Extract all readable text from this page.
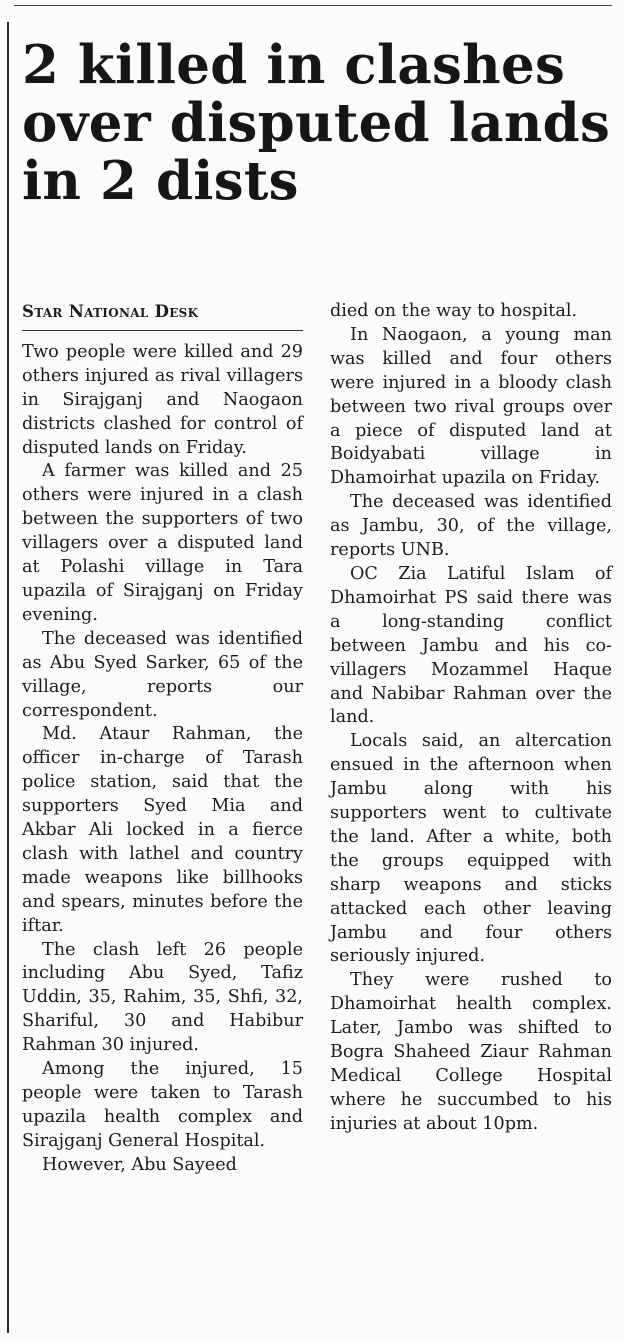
2 killed in clashes over disputed lands in 2 dists
Star National Desk

Two people were killed and 29 others injured as rival villagers in Sirajganj and Naogaon districts clashed for control of disputed lands on Friday.

A farmer was killed and 25 others were injured in a clash between the supporters of two villagers over a disputed land at Polashi village in Tara upazila of Sirajganj on Friday evening.

The deceased was identified as Abu Syed Sarker, 65 of the village, reports our correspondent.

Md. Ataur Rahman, the officer in-charge of Tarash police station, said that the supporters Syed Mia and Akbar Ali locked in a fierce clash with lathel and country made weapons like billhooks and spears, minutes before the iftar.

The clash left 26 people including Abu Syed, Tafiz Uddin, 35, Rahim, 35, Shfi, 32, Shariful, 30 and Habibur Rahman 30 injured.

Among the injured, 15 people were taken to Tarash upazila health complex and Sirajganj General Hospital.

However, Abu Sayeed

died on the way to hospital.

In Naogaon, a young man was killed and four others were injured in a bloody clash between two rival groups over a piece of disputed land at Boidyabati village in Dhamoirhat upazila on Friday.

The deceased was identified as Jambu, 30, of the village, reports UNB.

OC Zia Latiful Islam of Dhamoirhat PS said there was a long-standing conflict between Jambu and his co-villagers Mozammel Haque and Nabibar Rahman over the land.

Locals said, an altercation ensued in the afternoon when Jambu along with his supporters went to cultivate the land. After a white, both the groups equipped with sharp weapons and sticks attacked each other leaving Jambu and four others seriously injured.

They were rushed to Dhamoirhat health complex. Later, Jambo was shifted to Bogra Shaheed Ziaur Rahman Medical College Hospital where he succumbed to his injuries at about 10pm.
